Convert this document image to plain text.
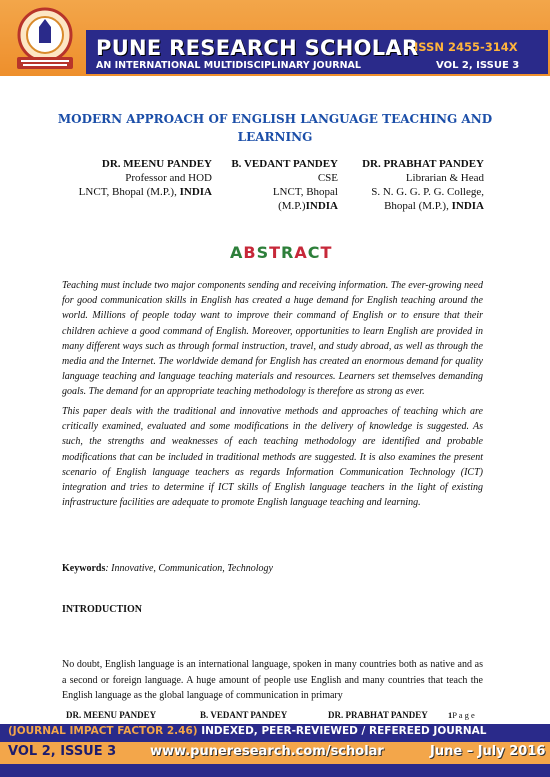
PUNE RESEARCH SCHOLAR

AN INTERNATIONAL MULTIDISCIPLINARY JOURNAL

ISSN 2455-314X

VOL 2, ISSUE 3

MODERN APPROACH OF ENGLISH LANGUAGE TEACHING AND LEARNING
DR. MEENU PANDEY
Professor and HOD
LNCT, Bhopal (M.P.), INDIA
B. VEDANT PANDEY
CSE
LNCT, Bhopal
(M.P.)INDIA
DR. PRABHAT PANDEY
Librarian & Head
S. N. G. G. P. G. College,
Bhopal (M.P.), INDIA

ABSTRACT

Teaching must include two major components sending and receiving information. The ever-growing need for good communication skills in English has created a huge demand for English teaching around the world. Millions of people today want to improve their command of English or to ensure that their children achieve a good command of English. Moreover, opportunities to learn English are provided in many different ways such as through formal instruction, travel, and study abroad, as well as through the media and the Internet. The worldwide demand for English has created an enormous demand for quality language teaching and language teaching materials and resources. Learners set themselves demanding goals. The demand for an appropriate teaching methodology is therefore as strong as ever.

This paper deals with the traditional and innovative methods and approaches of teaching which are critically examined, evaluated and some modifications in the delivery of knowledge is suggested. As such, the strengths and weaknesses of each teaching methodology are identified and probable modifications that can be included in traditional methods are suggested. It is also examines the present scenario of English language teachers as regards Information Communication Technology (ICT) integration and tries to determine if ICT skills of English language teachers in the light of existing infrastructure facilities are adequate to promote English language teaching and learning.

Keywords: Innovative, Communication, Technology

INTRODUCTION

No doubt, English language is an international language, spoken in many countries both as native and as a second or foreign language. A huge amount of people use English and many countries that teach the English language as the global language of communication in primary

DR. MEENU PANDEY	B. VEDANT PANDEY	DR. PRABHAT PANDEY 1P a g e

(JOURNAL IMPACT FACTOR 2.46) INDEXED, PEER-REVIEWED / REFEREED JOURNAL

VOL 2, ISSUE 3	www.puneresearch.com/scholar	June – July 2016
